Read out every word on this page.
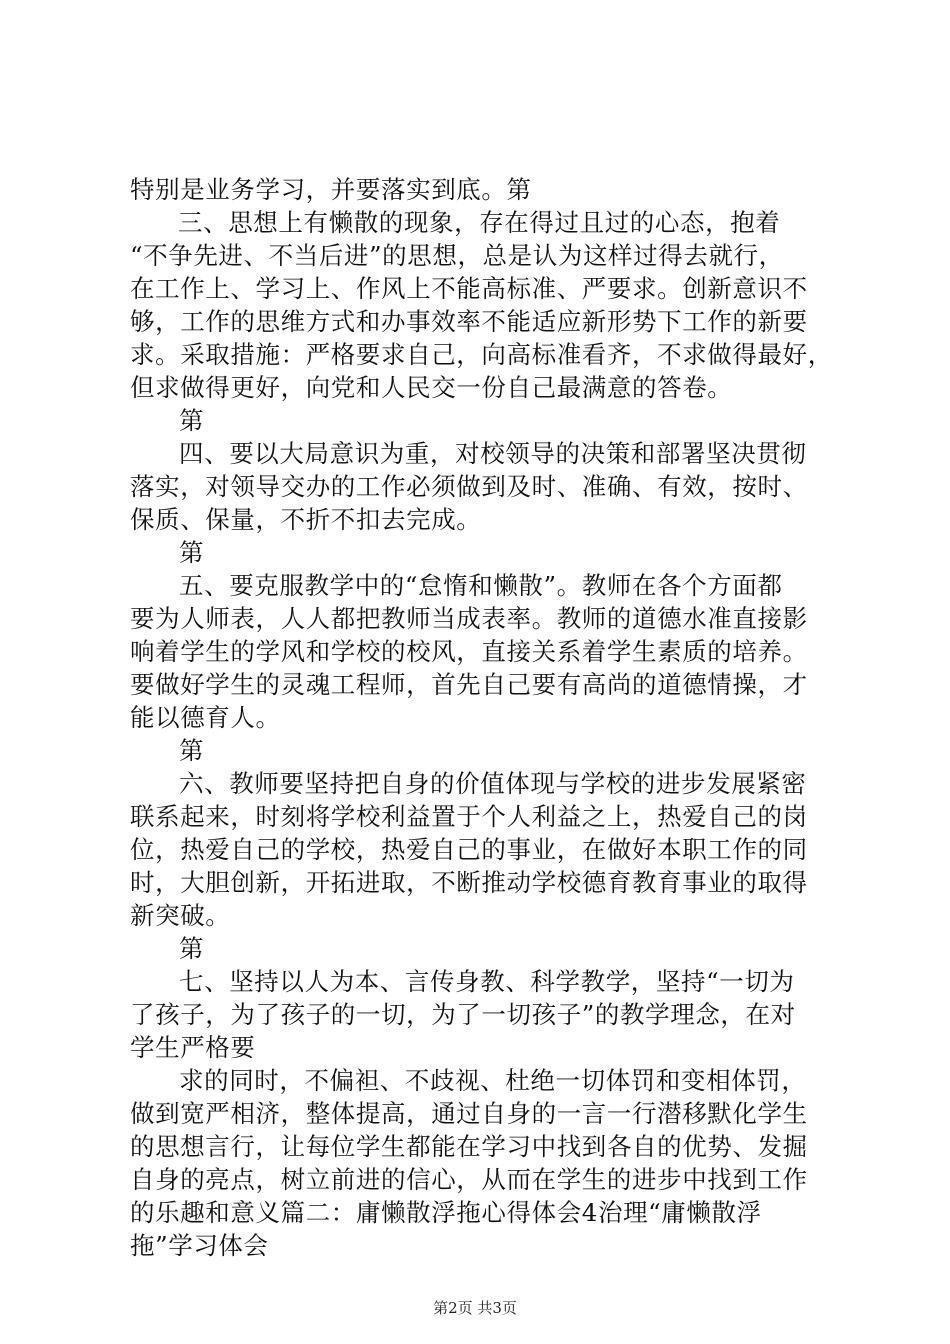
特别是业务学习，并要落实到底。第
三、思想上有懒散的现象，存在得过且过的心态，抱着
“不争先进、不当后进”的思想，总是认为这样过得去就行，
在工作上、学习上、作风上不能高标准、严要求。创新意识不
够，工作的思维方式和办事效率不能适应新形势下工作的新要
求。采取措施：严格要求自己，向高标准看齐，不求做得最好，
但求做得更好，向党和人民交一份自己最满意的答卷。
第
四、要以大局意识为重，对校领导的决策和部署坚决贯彻
落实，对领导交办的工作必须做到及时、准确、有效，按时、
保质、保量，不折不扣去完成。
第
五、要克服教学中的“怠惰和懒散”。教师在各个方面都
要为人师表，人人都把教师当成表率。教师的道德水准直接影
响着学生的学风和学校的校风，直接关系着学生素质的培养。
要做好学生的灵魂工程师，首先自己要有高尚的道德情操，才
能以德育人。
第
六、教师要坚持把自身的价值体现与学校的进步发展紧密
联系起来，时刻将学校利益置于个人利益之上，热爱自己的岗
位，热爱自己的学校，热爱自己的事业，在做好本职工作的同
时，大胆创新，开拓进取，不断推动学校德育教育事业的取得
新突破。
第
七、坚持以人为本、言传身教、科学教学，坚持“一切为
了孩子，为了孩子的一切，为了一切孩子”的教学理念，在对
学生严格要
求的同时，不偏袒、不歧视、杜绝一切体罚和变相体罚，
做到宽严相济，整体提高，通过自身的一言一行潜移默化学生
的思想言行，让每位学生都能在学习中找到各自的优势、发掘
自身的亮点，树立前进的信心，从而在学生的进步中找到工作
的乐趣和意义篇二：庸懒散浮拖心得体会4治理“庸懒散浮
拖”学习体会
第2页 共3页
